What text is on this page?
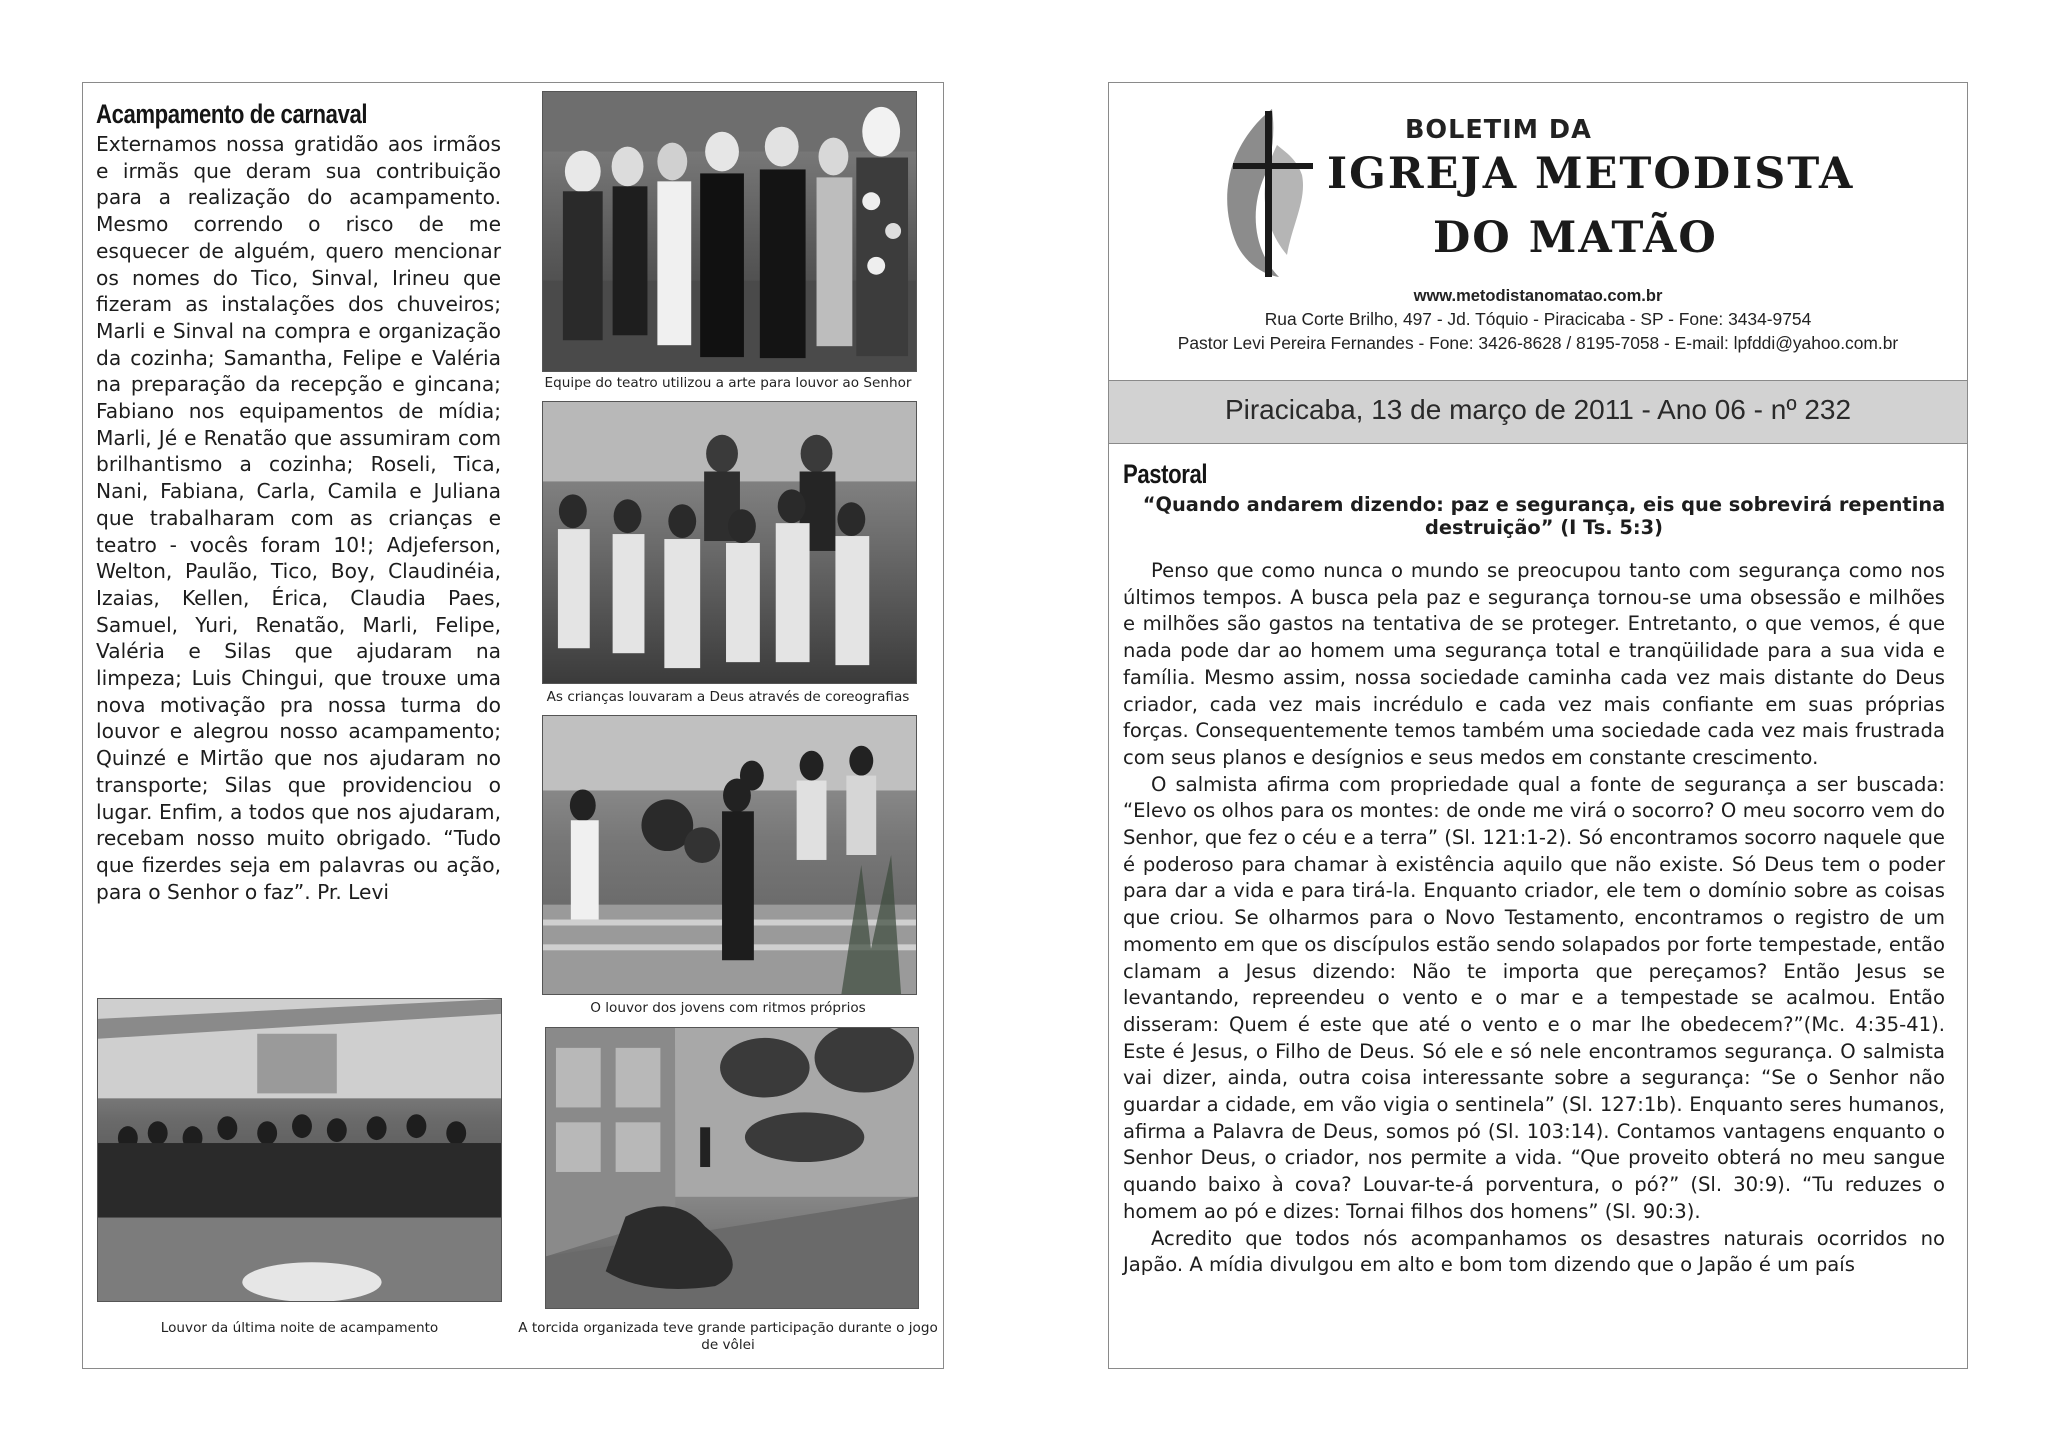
Acampamento de carnaval

Externamos nossa gratidão aos irmãos e irmãs que deram sua contribuição para a realização do acampamento. Mesmo correndo o risco de me esquecer de alguém, quero mencionar os nomes do Tico, Sinval, Irineu que fizeram as instalações dos chuveiros; Marli e Sinval na compra e organização da cozinha; Samantha, Felipe e Valéria na preparação da recepção e gincana; Fabiano nos equipamentos de mídia; Marli, Jé e Renatão que assumiram com brilhantismo a cozinha; Roseli, Tica, Nani, Fabiana, Carla, Camila e Juliana que trabalharam com as crianças e teatro - vocês foram 10!; Adjeferson, Welton, Paulão, Tico, Boy, Claudinéia, Izaias, Kellen, Érica, Claudia Paes, Samuel, Yuri, Renatão, Marli, Felipe, Valéria e Silas que ajudaram na limpeza; Luis Chingui, que trouxe uma nova motivação pra nossa turma do louvor e alegrou nosso acampamento; Quinzé e Mirtão que nos ajudaram no transporte; Silas que providenciou o lugar. Enfim, a todos que nos ajudaram, recebam nosso muito obrigado. “Tudo que fizerdes seja em palavras ou ação, para o Senhor o faz”. Pr. Levi

Equipe do teatro utilizou a arte para louvor ao Senhor
As crianças louvaram a Deus através de coreografias
O louvor dos jovens com ritmos próprios
Louvor da última noite de acampamento	A torcida organizada teve grande participação durante o jogo de vôlei
BOLETIM DA
IGREJA METODISTA
DO MATÃO
www.metodistanomatao.com.br
Rua Corte Brilho, 497 - Jd. Tóquio - Piracicaba - SP - Fone: 3434-9754
Pastor Levi Pereira Fernandes - Fone: 3426-8628 / 8195-7058 - E-mail: lpfddi@yahoo.com.br
Piracicaba, 13 de março de 2011 - Ano 06 - nº 232
Pastoral

“Quando andarem dizendo: paz e segurança, eis que sobrevirá repentina destruição” (I Ts. 5:3)

Penso que como nunca o mundo se preocupou tanto com segurança como nos últimos tempos. A busca pela paz e segurança tornou-se uma obsessão e milhões e milhões são gastos na tentativa de se proteger. Entretanto, o que vemos, é que nada pode dar ao homem uma segurança total e tranqüilidade para a sua vida e família. Mesmo assim, nossa sociedade caminha cada vez mais distante do Deus criador, cada vez mais incrédulo e cada vez mais confiante em suas próprias forças. Consequentemente temos também uma sociedade cada vez mais frustrada com seus planos e desígnios e seus medos em constante crescimento.

O salmista afirma com propriedade qual a fonte de segurança a ser buscada: “Elevo os olhos para os montes: de onde me virá o socorro? O meu socorro vem do Senhor, que fez o céu e a terra” (Sl. 121:1-2). Só encontramos socorro naquele que é poderoso para chamar à existência aquilo que não existe. Só Deus tem o poder para dar a vida e para tirá-la. Enquanto criador, ele tem o domínio sobre as coisas que criou. Se olharmos para o Novo Testamento, encontramos o registro de um momento em que os discípulos estão sendo solapados por forte tempestade, então clamam a Jesus dizendo: Não te importa que pereçamos? Então Jesus se levantando, repreendeu o vento e o mar e a tempestade se acalmou. Então disseram: Quem é este que até o vento e o mar lhe obedecem?”(Mc. 4:35-41). Este é Jesus, o Filho de Deus. Só ele e só nele encontramos segurança. O salmista vai dizer, ainda, outra coisa interessante sobre a segurança: “Se o Senhor não guardar a cidade, em vão vigia o sentinela” (Sl. 127:1b). Enquanto seres humanos, afirma a Palavra de Deus, somos pó (Sl. 103:14). Contamos vantagens enquanto o Senhor Deus, o criador, nos permite a vida. “Que proveito obterá no meu sangue quando baixo à cova? Louvar-te-á porventura, o pó?” (Sl. 30:9). “Tu reduzes o homem ao pó e dizes: Tornai filhos dos homens” (Sl. 90:3).

Acredito que todos nós acompanhamos os desastres naturais ocorridos no Japão. A mídia divulgou em alto e bom tom dizendo que o Japão é um país
